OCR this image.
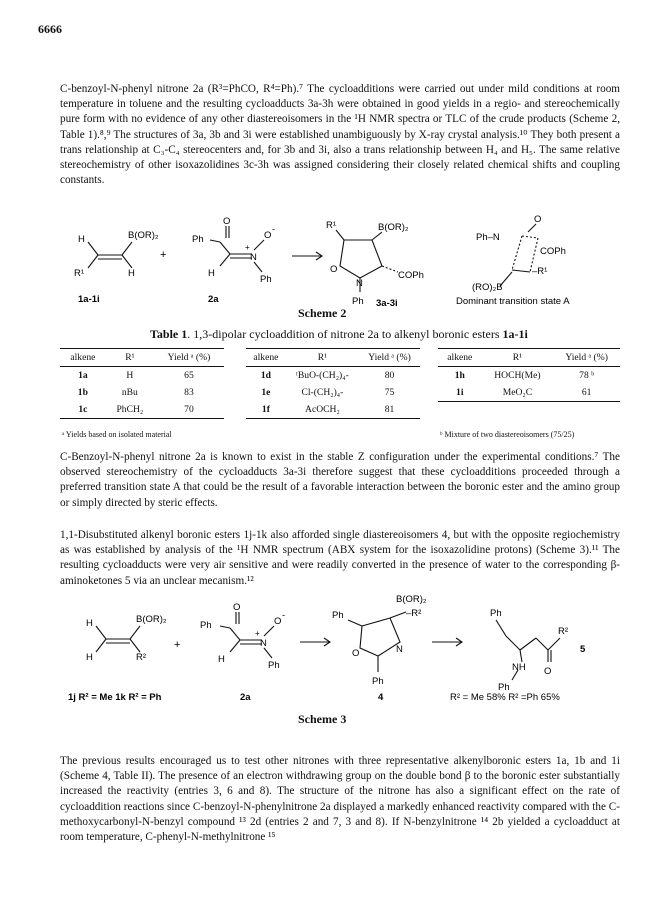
6666

C-benzoyl-N-phenyl nitrone 2a (R³=PhCO, R⁴=Ph).⁷ The cycloadditions were carried out under mild conditions at room temperature in toluene and the resulting cycloadducts 3a-3h were obtained in good yields in a regio- and stereochemically pure form with no evidence of any other diastereoisomers in the ¹H NMR spectra or TLC of the crude products (Scheme 2, Table 1).⁸,⁹ The structures of 3a, 3b and 3i were established unambiguously by X-ray crystal analysis.¹⁰ They both present a trans relationship at C₃-C₄ stereocenters and, for 3b and 3i, also a trans relationship between H₄ and H₅. The same relative stereochemistry of other isoxazolidines 3c-3h was assigned considering their closely related chemical shifts and coupling constants.

H	B(OR)₂
R¹	H
+
Ph
O
N
+
O
-
H
Ph
R¹	B(OR)₂
O
N
COPh
Ph
Ph–N
O
COPh
–R¹
(RO)₂B
1a-1i	2a	3a-3i	Dominant transition state A
Scheme 2
Table 1. 1,3-dipolar cycloaddition of nitrone 2a to alkenyl boronic esters 1a-1i
alkene	R¹	Yield ᵃ (%)
1a	H	65
1b	nBu	83
1c	PhCH₂	70
alkene	R¹	Yield ᵃ (%)
1d	ᵗBuO-(CH₂)₄-	80
1e	Cl-(CH₂)₄-	75
1f	AcOCH₂	81
alkene	R¹	Yield ᵃ (%)
1h	HOCH(Me)	78 ᵇ
1i	MeO₂C	61

ᵃ Yields based on isolated material	ᵇ Mixture of two diastereoisomers (75/25)

C-Benzoyl-N-phenyl nitrone 2a is known to exist in the stable Z configuration under the experimental conditions.⁷ The observed stereochemistry of the cycloadducts 3a-3i therefore suggest that these cycloadditions proceeded through a preferred transition state A that could be the result of a favorable interaction between the boronic ester and the amino group or simply directed by steric effects.

1,1-Disubstituted alkenyl boronic esters 1j-1k also afforded single diastereoisomers 4, but with the opposite regiochemistry as was established by analysis of the ¹H NMR spectrum (ABX system for the isoxazolidine protons) (Scheme 3).¹¹ The resulting cycloadducts were very air sensitive and were readily converted in the presence of water to the corresponding β-aminoketones 5 via an unclear mecanism.¹²

H	B(OR)₂
H	R²
+
Ph
O
N
+
O
-
H
Ph
Ph
B(OR)₂
–R²
O	N
Ph
Ph
R²
O
NH
Ph
5
1j R² = Me 1k R² = Ph	2a	4	R² = Me 58% R² =Ph 65%
Scheme 3

The previous results encouraged us to test other nitrones with three representative alkenylboronic esters 1a, 1b and 1i (Scheme 4, Table II). The presence of an electron withdrawing group on the double bond β to the boronic ester substantially increased the reactivity (entries 3, 6 and 8). The structure of the nitrone has also a significant effect on the rate of cycloaddition reactions since C-benzoyl-N-phenylnitrone 2a displayed a markedly enhanced reactivity compared with the C-methoxycarbonyl-N-benzyl compound ¹³ 2d (entries 2 and 7, 3 and 8). If N-benzylnitrone ¹⁴ 2b yielded a cycloadduct at room temperature, C-phenyl-N-methylnitrone ¹⁵
